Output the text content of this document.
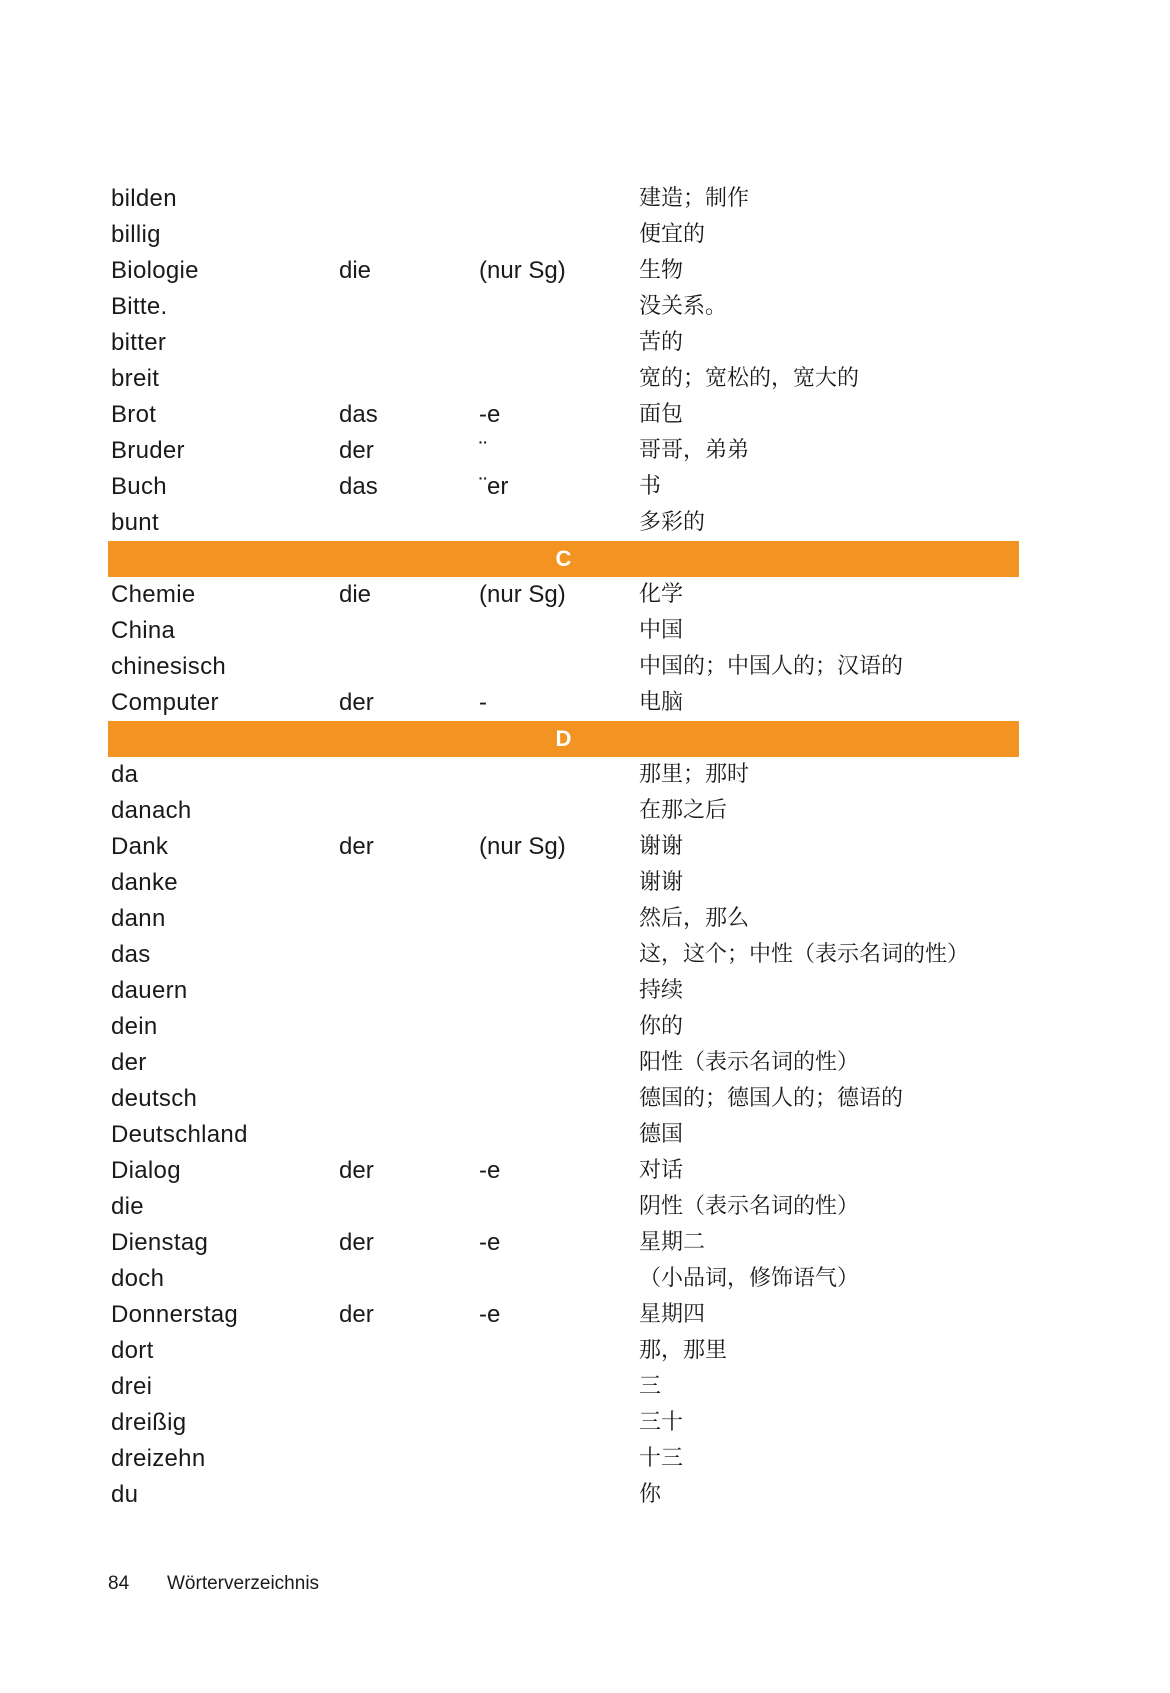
bilden	建造；制作
billig	便宜的
Biologie	die	(nur Sg)	生物
Bitte.	没关系。
bitter	苦的
breit	宽的；宽松的，宽大的
Brot	das	-e	面包
Bruder	der	¨	哥哥，弟弟
Buch	das	¨er	书
bunt	多彩的
C
Chemie	die	(nur Sg)	化学
China	中国
chinesisch	中国的；中国人的；汉语的
Computer	der	-	电脑
D
da	那里；那时
danach	在那之后
Dank	der	(nur Sg)	谢谢
danke	谢谢
dann	然后，那么
das	这，这个；中性（表示名词的性）
dauern	持续
dein	你的
der	阳性（表示名词的性）
deutsch	德国的；德国人的；德语的
Deutschland	德国
Dialog	der	-e	对话
die	阴性（表示名词的性）
Dienstag	der	-e	星期二
doch	（小品词，修饰语气）
Donnerstag	der	-e	星期四
dort	那，那里
drei	三
dreißig	三十
dreizehn	十三
du	你
84 Wörterverzeichnis
